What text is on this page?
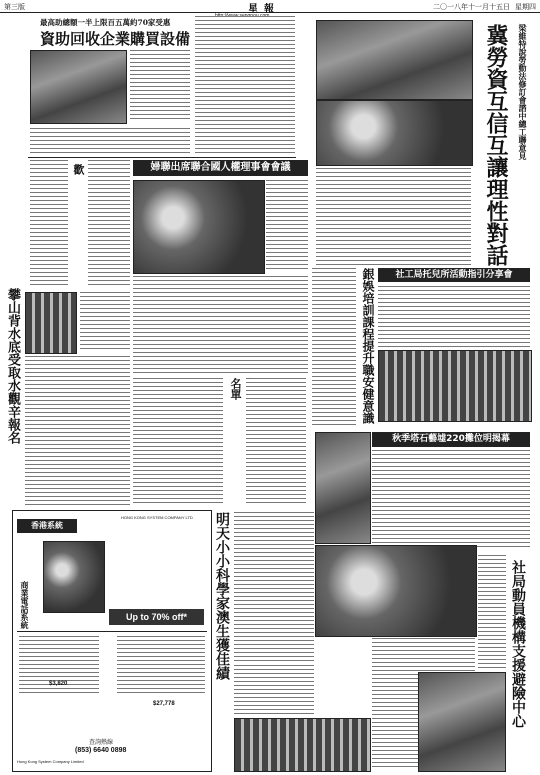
第三版	星報	二〇一八年十一月十五日 星期四
最高助總額一半上限百五萬約70家受惠
資助回收企業購買設備
歡	婦聯出席聯合國人權理事會會議
攀山背水底受取水觀辛報名	名單
梁維特說勞動法修訂會諮中總工聯意見
冀勞資互信互讓理性對話
社工局托兒所活動指引分享會
銀娛培訓課程提升職安健意識
秋季塔石藝墟220攤位明揭幕
明天小小科學家澳生獲佳績	社局動員機構支援避險中心
香港系統
HONG KONG SYSTEM COMPANY LTD
商業電話系統	Up to 70% off*
$3,820
$27,778
查詢熱線
(853) 6640 0898
Hong Kong System Company Limited
